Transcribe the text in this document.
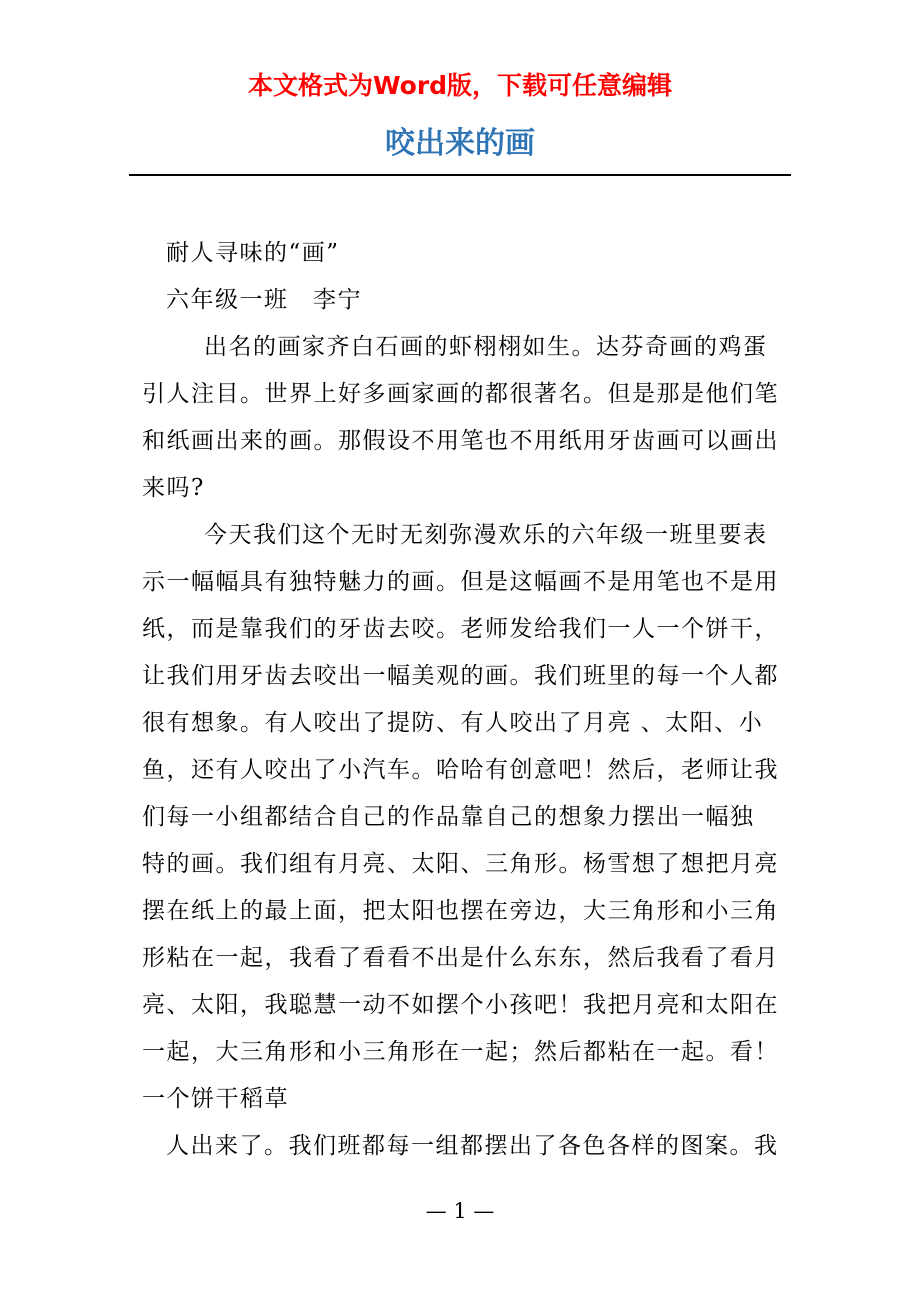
本文格式为Word版，下载可任意编辑
咬出来的画
耐人寻味的“画”
六年级一班　李宁
出名的画家齐白石画的虾栩栩如生。达芬奇画的鸡蛋
引人注目。世界上好多画家画的都很著名。但是那是他们笔
和纸画出来的画。那假设不用笔也不用纸用牙齿画可以画出
来吗?
今天我们这个无时无刻弥漫欢乐的六年级一班里要表
示一幅幅具有独特魅力的画。但是这幅画不是用笔也不是用
纸，而是靠我们的牙齿去咬。老师发给我们一人一个饼干，
让我们用牙齿去咬出一幅美观的画。我们班里的每一个人都
很有想象。有人咬出了提防、有人咬出了月亮 、太阳、小
鱼，还有人咬出了小汽车。哈哈有创意吧！然后，老师让我
们每一小组都结合自己的作品靠自己的想象力摆出一幅独
特的画。我们组有月亮、太阳、三角形。杨雪想了想把月亮
摆在纸上的最上面，把太阳也摆在旁边，大三角形和小三角
形粘在一起，我看了看看不出是什么东东，然后我看了看月
亮、太阳，我聪慧一动不如摆个小孩吧！我把月亮和太阳在
一起，大三角形和小三角形在一起；然后都粘在一起。看！
一个饼干稻草
人出来了。我们班都每一组都摆出了各色各样的图案。我
— 1 —
